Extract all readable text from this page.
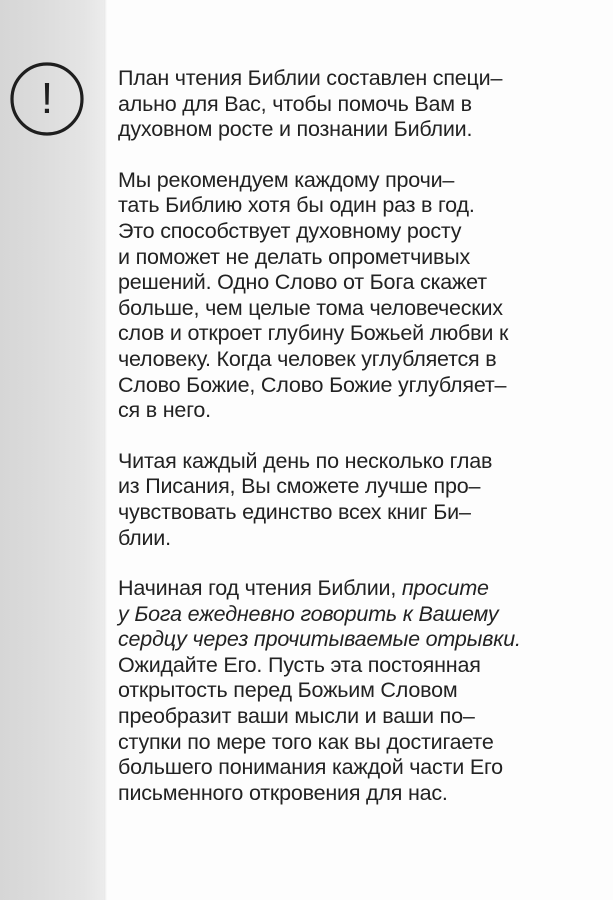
!	План чтения Библии составлен специ–
ально для Вас, чтобы помочь Вам в
духовном росте и познании Библии.

Мы рекомендуем каждому прочи–
тать Библию хотя бы один раз в год.
Это способствует духовному росту
и поможет не делать опрометчивых
решений. Одно Слово от Бога скажет
больше, чем целые тома человеческих
слов и откроет глубину Божьей любви к
человеку. Когда человек углубляется в
Слово Божие, Слово Божие углубляет–
ся в него.

Читая каждый день по несколько глав
из Писания, Вы сможете лучше про–
чувствовать единство всех книг Би–
блии.

Начиная год чтения Библии, просите
у Бога ежедневно говорить к Вашему
сердцу через прочитываемые отрывки.
Ожидайте Его. Пусть эта постоянная
открытость перед Божьим Словом
преобразит ваши мысли и ваши по–
ступки по мере того как вы достигаете
большего понимания каждой части Его
письменного откровения для нас.
